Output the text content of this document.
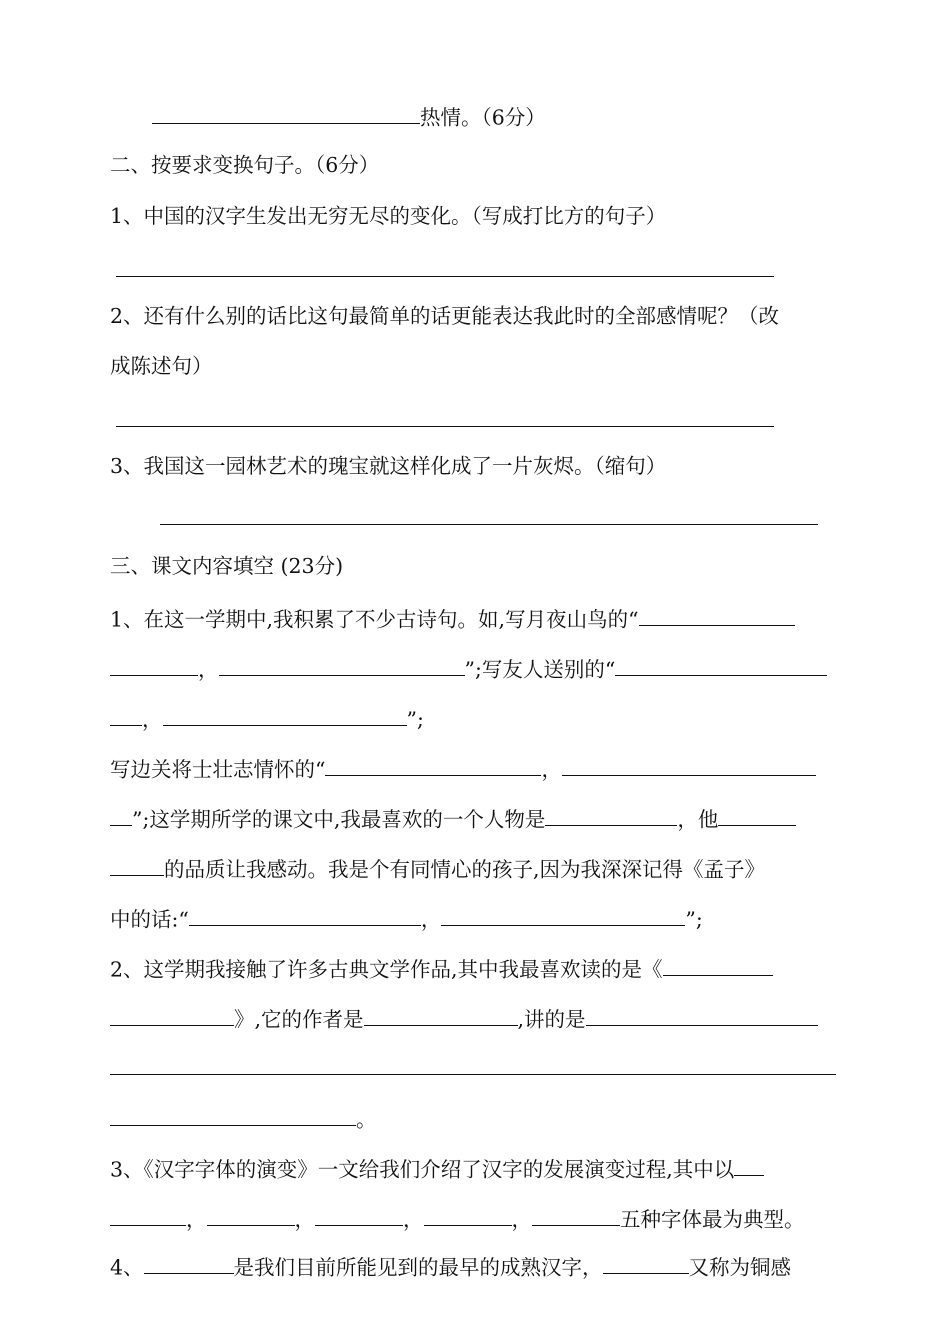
热情。（6分）
二、按要求变换句子。（6分）
1、中国的汉字生发出无穷无尽的变化。（写成打比方的句子）
2、还有什么别的话比这句最简单的话更能表达我此时的全部感情呢？（改
成陈述句）
3、我国这一园林艺术的瑰宝就这样化成了一片灰烬。（缩句）
三、课文内容填空 (23分)
1、在这一学期中,我积累了不少古诗句。如,写月夜山鸟的“
，	”;写友人送别的“
，	”;
写边关将士壮志情怀的“	，
”;这学期所学的课文中,我最喜欢的一个人物是	，他
的品质让我感动。我是个有同情心的孩子,因为我深深记得《孟子》
中的话:“	，	”;
2、这学期我接触了许多古典文学作品,其中我最喜欢读的是《
》,它的作者是	,讲的是
。
3、《汉字字体的演变》一文给我们介绍了汉字的发展演变过程,其中以
，	，	，	，	五种字体最为典型。
4、	是我们目前所能见到的最早的成熟汉字，	又称为铜感
